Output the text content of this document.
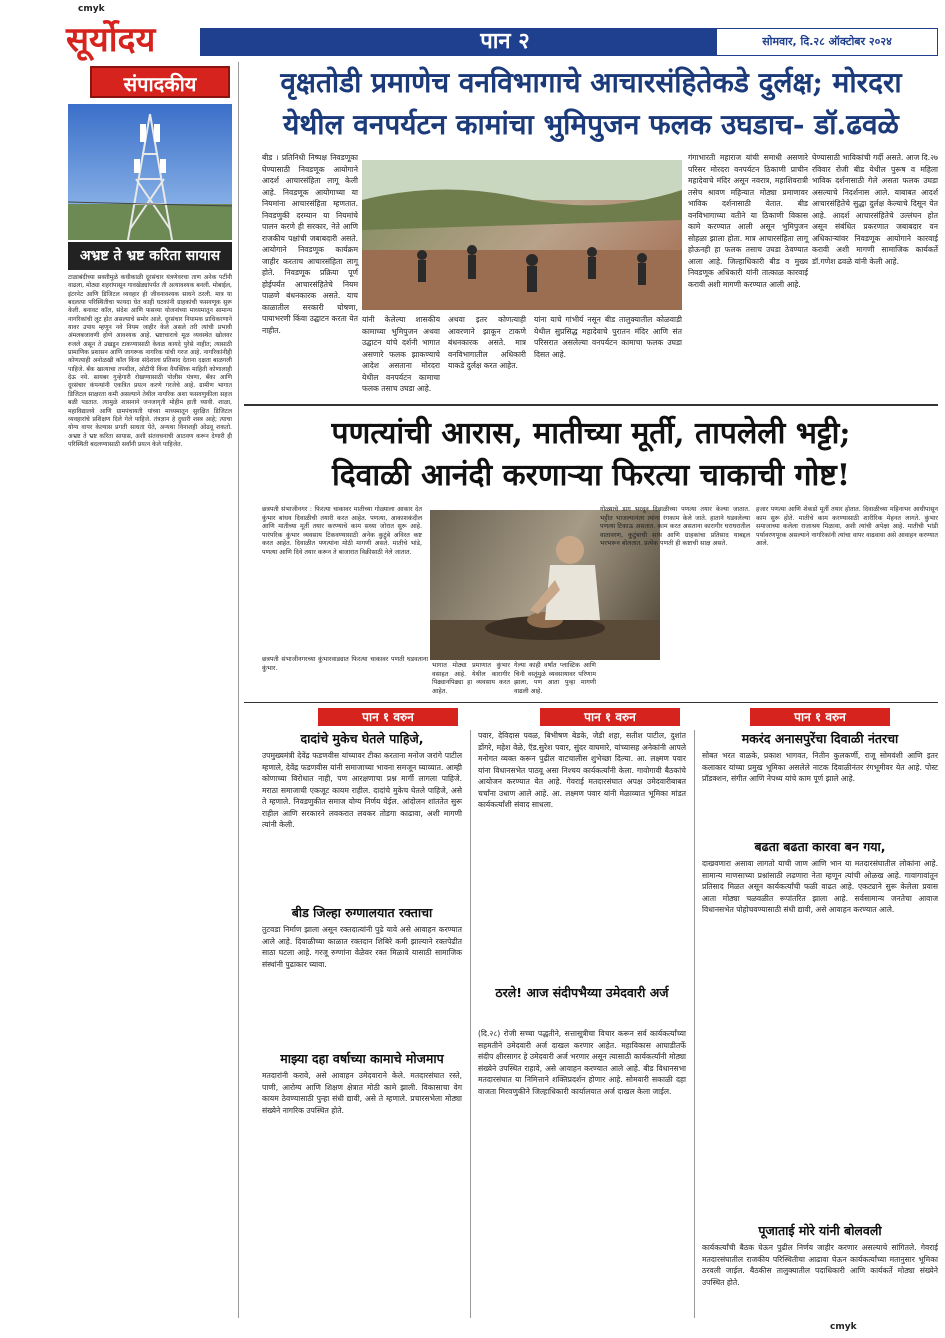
cmyk
cmyk
सूर्योदय	पान २	सोमवार, दि.२८ ऑक्टोबर २०२४
संपादकीय
अभ्रष्ट ते भ्रष्ट करिता सायास
टाळाबंदीच्या सक्तीमुळे कधीकाळी दूरसंचार यंत्रणेवरचा ताण अनेक पटींनी वाढला, मोठ्या शहरांपासून गावखेड्यांपर्यंत ती अत्यावश्यक बनली. मोबाईल, इंटरनेट आणि डिजिटल व्यवहार ही जीवनावश्यक साधने ठरली. मात्र या बदलत्या परिस्थितीचा फायदा घेत काही घटकांनी ग्राहकांची फसवणूक सुरू केली. बनावट कॉल, संदेश आणि फसव्या योजनांच्या माध्यमातून सामान्य नागरिकांची लूट होत असल्याचे समोर आले. दूरसंचार नियामक प्राधिकरणाने यावर उपाय म्हणून नवे नियम जाहीर केले असले तरी त्यांची प्रभावी अंमलबजावणी होणे आवश्यक आहे. भ्रष्टाचाराचे मूळ व्यवस्थेत खोलवर रुजले असून ते उखडून टाकण्यासाठी केवळ कायदे पुरेसे नाहीत; त्यासाठी प्रामाणिक प्रशासन आणि जागरूक नागरिक यांची गरज आहे. नागरिकांनीही कोणत्याही अनोळखी कॉल किंवा संदेशाला प्रतिसाद देताना दक्षता बाळगली पाहिजे. बँक खात्याचा तपशील, ओटीपी किंवा वैयक्तिक माहिती कोणालाही देऊ नये. सायबर गुन्हेगारी रोखण्यासाठी पोलीस यंत्रणा, बँका आणि दूरसंचार कंपन्यांनी एकत्रित प्रयत्न करणे गरजेचे आहे. ग्रामीण भागात डिजिटल साक्षरता कमी असल्याने तेथील नागरिक अशा फसवणुकीला सहज बळी पडतात. त्यामुळे शासनाने जनजागृती मोहीम हाती घ्यावी. शाळा, महाविद्यालये आणि ग्रामपंचायती यांच्या माध्यमातून सुरक्षित डिजिटल व्यवहारांचे प्रशिक्षण दिले गेले पाहिजे. तंत्रज्ञान हे दुधारी शस्त्र आहे; त्याचा योग्य वापर केल्यास प्रगती साधता येते, अन्यथा विनाशही ओढवू शकतो. अभ्रष्ट ते भ्रष्ट करिता सायास, अशी संतवचनाची आठवण करून देणारी ही परिस्थिती बदलण्यासाठी सर्वांनी प्रयत्न केले पाहिजेत.
वृक्षतोडी प्रमाणेच वनविभागाचे आचारसंहितेकडे दुर्लक्ष; मोरदरा
येथील वनपर्यटन कामांचा भुमिपुजन फलक उघडाच- डॉ.ढवळे
बीड । प्रतिनिधी निष्पक्ष निवडणूका घेण्यासाठी निवडणूक आयोगाने आदर्श आचारसंहिता लागू केली आहे. निवडणूक आयोगाच्या या नियमांना आचारसंहिता म्हणतात. निवडणुकी दरम्यान या नियमांचे पालन करणे ही सरकार, नेते आणि राजकीय पक्षांची जबाबदारी असते. आयोगाने निवडणूक कार्यक्रम जाहीर करताच आचारसंहिता लागू होते. निवडणूक प्रक्रिया पूर्ण होईपर्यंत आचारसंहितेचे नियम पाळणे बंधनकारक असते. याच काळातील सरकारी घोषणा, पायाभरणी किंवा उद्घाटन करता येत नाहीत.
यांनी केलेल्या शासकीय कामाच्या भुमिपुजन अथवा उद्घाटन यांचे दर्शनी भागात असणारे फलक झाकण्याचे आदेश असताना मोरदरा येथील वनपर्यटन कामाचा फलक तसाच उघडा आहे.
अथवा इतर कोणत्याही आवरणाने झाकून टाकणे बंधनकारक असते. मात्र वनविभागातील अधिकारी याकडे दुर्लक्ष करत आहेत.
यांना याचे गांभीर्य नसून बीड तालुक्यातील कोळवाडी येथील सुप्रसिद्ध महादेवाचे पुरातन मंदिर आणि संत परिसरात असलेल्या वनपर्यटन कामाचा फलक उघडा दिसत आहे.
गंगाभारती महाराज यांची समाधी असणारे परिसर मोरदरा वनपर्यटन ठिकाणी प्राचीन महादेवाचे मंदिर असून नवरात्र, महाशिवरात्री तसेच श्रावण महिन्यात मोठ्या प्रमाणावर भाविक दर्शनासाठी येतात. बीड वनविभागाच्या वतीने या ठिकाणी विकास कामे करण्यात आली असून भुमिपुजन सोहळा झाला होता. मात्र आचारसंहिता लागू होऊनही हा फलक तसाच उघडा ठेवण्यात आला आहे. जिल्हाधिकारी बीड व मुख्य निवडणूक अधिकारी यांनी तात्काळ कारवाई करावी अशी मागणी करण्यात आली आहे.
घेण्यासाठी भाविकांची गर्दी असते. आज दि.२७ रविवार रोजी बीड येथील पुरूष व महिला भाविक दर्शनासाठी गेले असता फलक उघडा असल्याचे निदर्शनास आले. याबाबत आदर्श आचारसंहितेचे सुद्धा दुर्लक्ष केल्याचे दिसून येत आहे. आदर्श आचारसंहितेचे उल्लंघन होत असून संबंधित प्रकरणात जबाबदार वन अधिकाऱ्यांवर निवडणूक आयोगाने कारवाई करावी अशी मागणी सामाजिक कार्यकर्ते डॉ.गणेश ढवळे यांनी केली आहे.
पणत्यांची आरास, मातीच्या मूर्ती, तापलेली भट्टी;
दिवाळी आनंदी करणाऱ्या फिरत्या चाकाची गोष्ट!
छत्रपती संभाजीनगर : फिरत्या चाकावर मातीच्या गोळ्याला आकार देत कुंभार बांधव दिवाळीची तयारी करत आहेत. पणत्या, आकाशकंदील आणि मातीच्या मूर्ती तयार करण्याचे काम सध्या जोरात सुरू आहे. पारंपरिक कुंभार व्यवसाय टिकवण्यासाठी अनेक कुटुंबे अविरत कष्ट करत आहेत. दिवाळीत पणत्यांना मोठी मागणी असते. मातीचे भांडे, पणत्या आणि दिवे तयार करून ते बाजारात विक्रीसाठी नेले जातात.
छत्रपती संभाजीनगरच्या कुंभारवाड्यात फिरत्या चाकावर पणती घडवताना कुंभार.	भागात मोठ्या प्रमाणात कुंभार वसाहत आहे. येथील कारागीर पिढ्यानपिढ्या हा व्यवसाय करत आहेत.
गेल्या काही वर्षांत प्लास्टिक आणि चिनी वस्तूंमुळे व्यवसायावर परिणाम झाला, पण आता पुन्हा मागणी वाढली आहे.
गोळ्याचे डाग भरवून दिवाळीच्या पणत्या तयार केल्या जातात. भट्टीत भाजल्यानंतर त्यांना रंगकाम केले जाते. हाताने घडवलेल्या पणत्या टिकाऊ असतात. काम करत असताना कारागीर घराघरातील वातावरण, कुटुंबाची साथ आणि ग्राहकांचा प्रतिसाद याबद्दल भरभरून बोलतात. प्रत्येक पणती ही कष्टाची साक्ष असते.
हजार पणत्या आणि शेकडो मूर्ती तयार होतात. दिवाळीच्या महिनाभर आधीपासून काम सुरू होते. मातीचे काम करण्यासाठी शारीरिक मेहनत लागते. कुंभार समाजाच्या कलेला राजाश्रय मिळावा, अशी त्यांची अपेक्षा आहे. मातीची भांडी पर्यावरणपूरक असल्याने नागरिकांनी त्यांचा वापर वाढवावा असे आवाहन करण्यात आले.
पान १ वरुन	पान १ वरुन	पान १ वरुन
दादांचे मुकेच घेतले पाहिजे,
उपमुख्यमंत्री देवेंद्र फडणवीस यांच्यावर टीका करताना मनोज जरांगे पाटील म्हणाले, देवेंद्र फडणवीस यांनी समाजाच्या भावना समजून घ्याव्यात. आम्ही कोणाच्या विरोधात नाही, पण आरक्षणाचा प्रश्न मार्गी लागला पाहिजे. मराठा समाजाची एकजूट कायम राहील. दादांचे मुकेच घेतले पाहिजे, असे ते म्हणाले. निवडणुकीत समाज योग्य निर्णय घेईल. आंदोलन शांततेत सुरू राहील आणि सरकारने लवकरात लवकर तोडगा काढावा, अशी मागणी त्यांनी केली.
बीड जिल्हा रुग्णालयात रक्ताचा
तुटवडा निर्माण झाला असून रक्तदात्यांनी पुढे यावे असे आवाहन करण्यात आले आहे. दिवाळीच्या काळात रक्तदान शिबिरे कमी झाल्याने रक्तपेढीत साठा घटला आहे. गरजू रुग्णांना वेळेवर रक्त मिळावे यासाठी सामाजिक संस्थांनी पुढाकार घ्यावा.
माझ्या दहा वर्षाच्या कामाचे मोजमाप
मतदारांनी करावे, असे आवाहन उमेदवाराने केले. मतदारसंघात रस्ते, पाणी, आरोग्य आणि शिक्षण क्षेत्रात मोठी कामे झाली. विकासाचा वेग कायम ठेवण्यासाठी पुन्हा संधी द्यावी, असे ते म्हणाले. प्रचारसभेला मोठ्या संख्येने नागरिक उपस्थित होते.
पवार, देविदास पवळ, बिभीषण बेडके, जेडी शहा, सतीश पाटील, दुशांत डोंगरे, महेश वेळे, ऍड.सुरेश पवार, सुंदर वाघमारे, यांच्यासह अनेकांनी आपले मनोगत व्यक्त करून पुढील वाटचालीस शुभेच्छा दिल्या. आ. लक्ष्मण पवार यांना विधानसभेत पाठवू असा निश्चय कार्यकर्त्यांनी केला. गावोगावी बैठकांचे आयोजन करण्यात येत आहे. गेवराई मतदारसंघात अपक्ष उमेदवारीबाबत चर्चांना उधाण आले आहे. आ. लक्ष्मण पवार यांनी मेळाव्यात भूमिका मांडत कार्यकर्त्यांशी संवाद साधला.
ठरले! आज संदीपभैय्या उमेदवारी अर्ज
(दि.२८) रोजी सच्चा पद्धतीने, सत्तासूत्रीचा विचार करून सर्व कार्यकर्त्यांच्या सहमतीने उमेदवारी अर्ज दाखल करणार आहेत. महाविकास आघाडीतर्फे संदीप क्षीरसागर हे उमेदवारी अर्ज भरणार असून त्यासाठी कार्यकर्त्यांनी मोठ्या संख्येने उपस्थित राहावे, असे आवाहन करण्यात आले आहे. बीड विधानसभा मतदारसंघात या निमित्ताने शक्तिप्रदर्शन होणार आहे. सोमवारी सकाळी दहा वाजता मिरवणुकीने जिल्हाधिकारी कार्यालयात अर्ज दाखल केला जाईल.
मकरंद अनासपुरेंचा दिवाळी नंतरचा
सोबत भरत वाळके, प्रकाश भागवत, नितीन कुलकर्णी, राजू सोमवंशी आणि इतर कलाकार यांच्या प्रमुख भूमिका असलेले नाटक दिवाळीनंतर रंगभूमीवर येत आहे. पोस्ट प्रॉडक्शन, संगीत आणि नेपथ्य यांचे काम पूर्ण झाले आहे.
बढता बढता कारवा बन गया,
दाखवणारा असावा लागतो याची जाण आणि भान या मतदारसंघातील लोकांना आहे. सामान्य माणसाच्या प्रश्नांसाठी लढणारा नेता म्हणून त्यांची ओळख आहे. गावागावांतून प्रतिसाद मिळत असून कार्यकर्त्यांची फळी वाढत आहे. एकट्याने सुरू केलेला प्रवास आता मोठ्या चळवळीत रूपांतरित झाला आहे. सर्वसामान्य जनतेचा आवाज विधानसभेत पोहोचवण्यासाठी संधी द्यावी, असे आवाहन करण्यात आले.
पूजाताई मोरे यांनी बोलवली
कार्यकर्त्यांची बैठक घेऊन पुढील निर्णय जाहीर करणार असल्याचे सांगितले. गेवराई मतदारसंघातील राजकीय परिस्थितीचा आढावा घेऊन कार्यकर्त्यांच्या मतानुसार भूमिका ठरवली जाईल. बैठकीस तालुक्यातील पदाधिकारी आणि कार्यकर्ते मोठ्या संख्येने उपस्थित होते.
